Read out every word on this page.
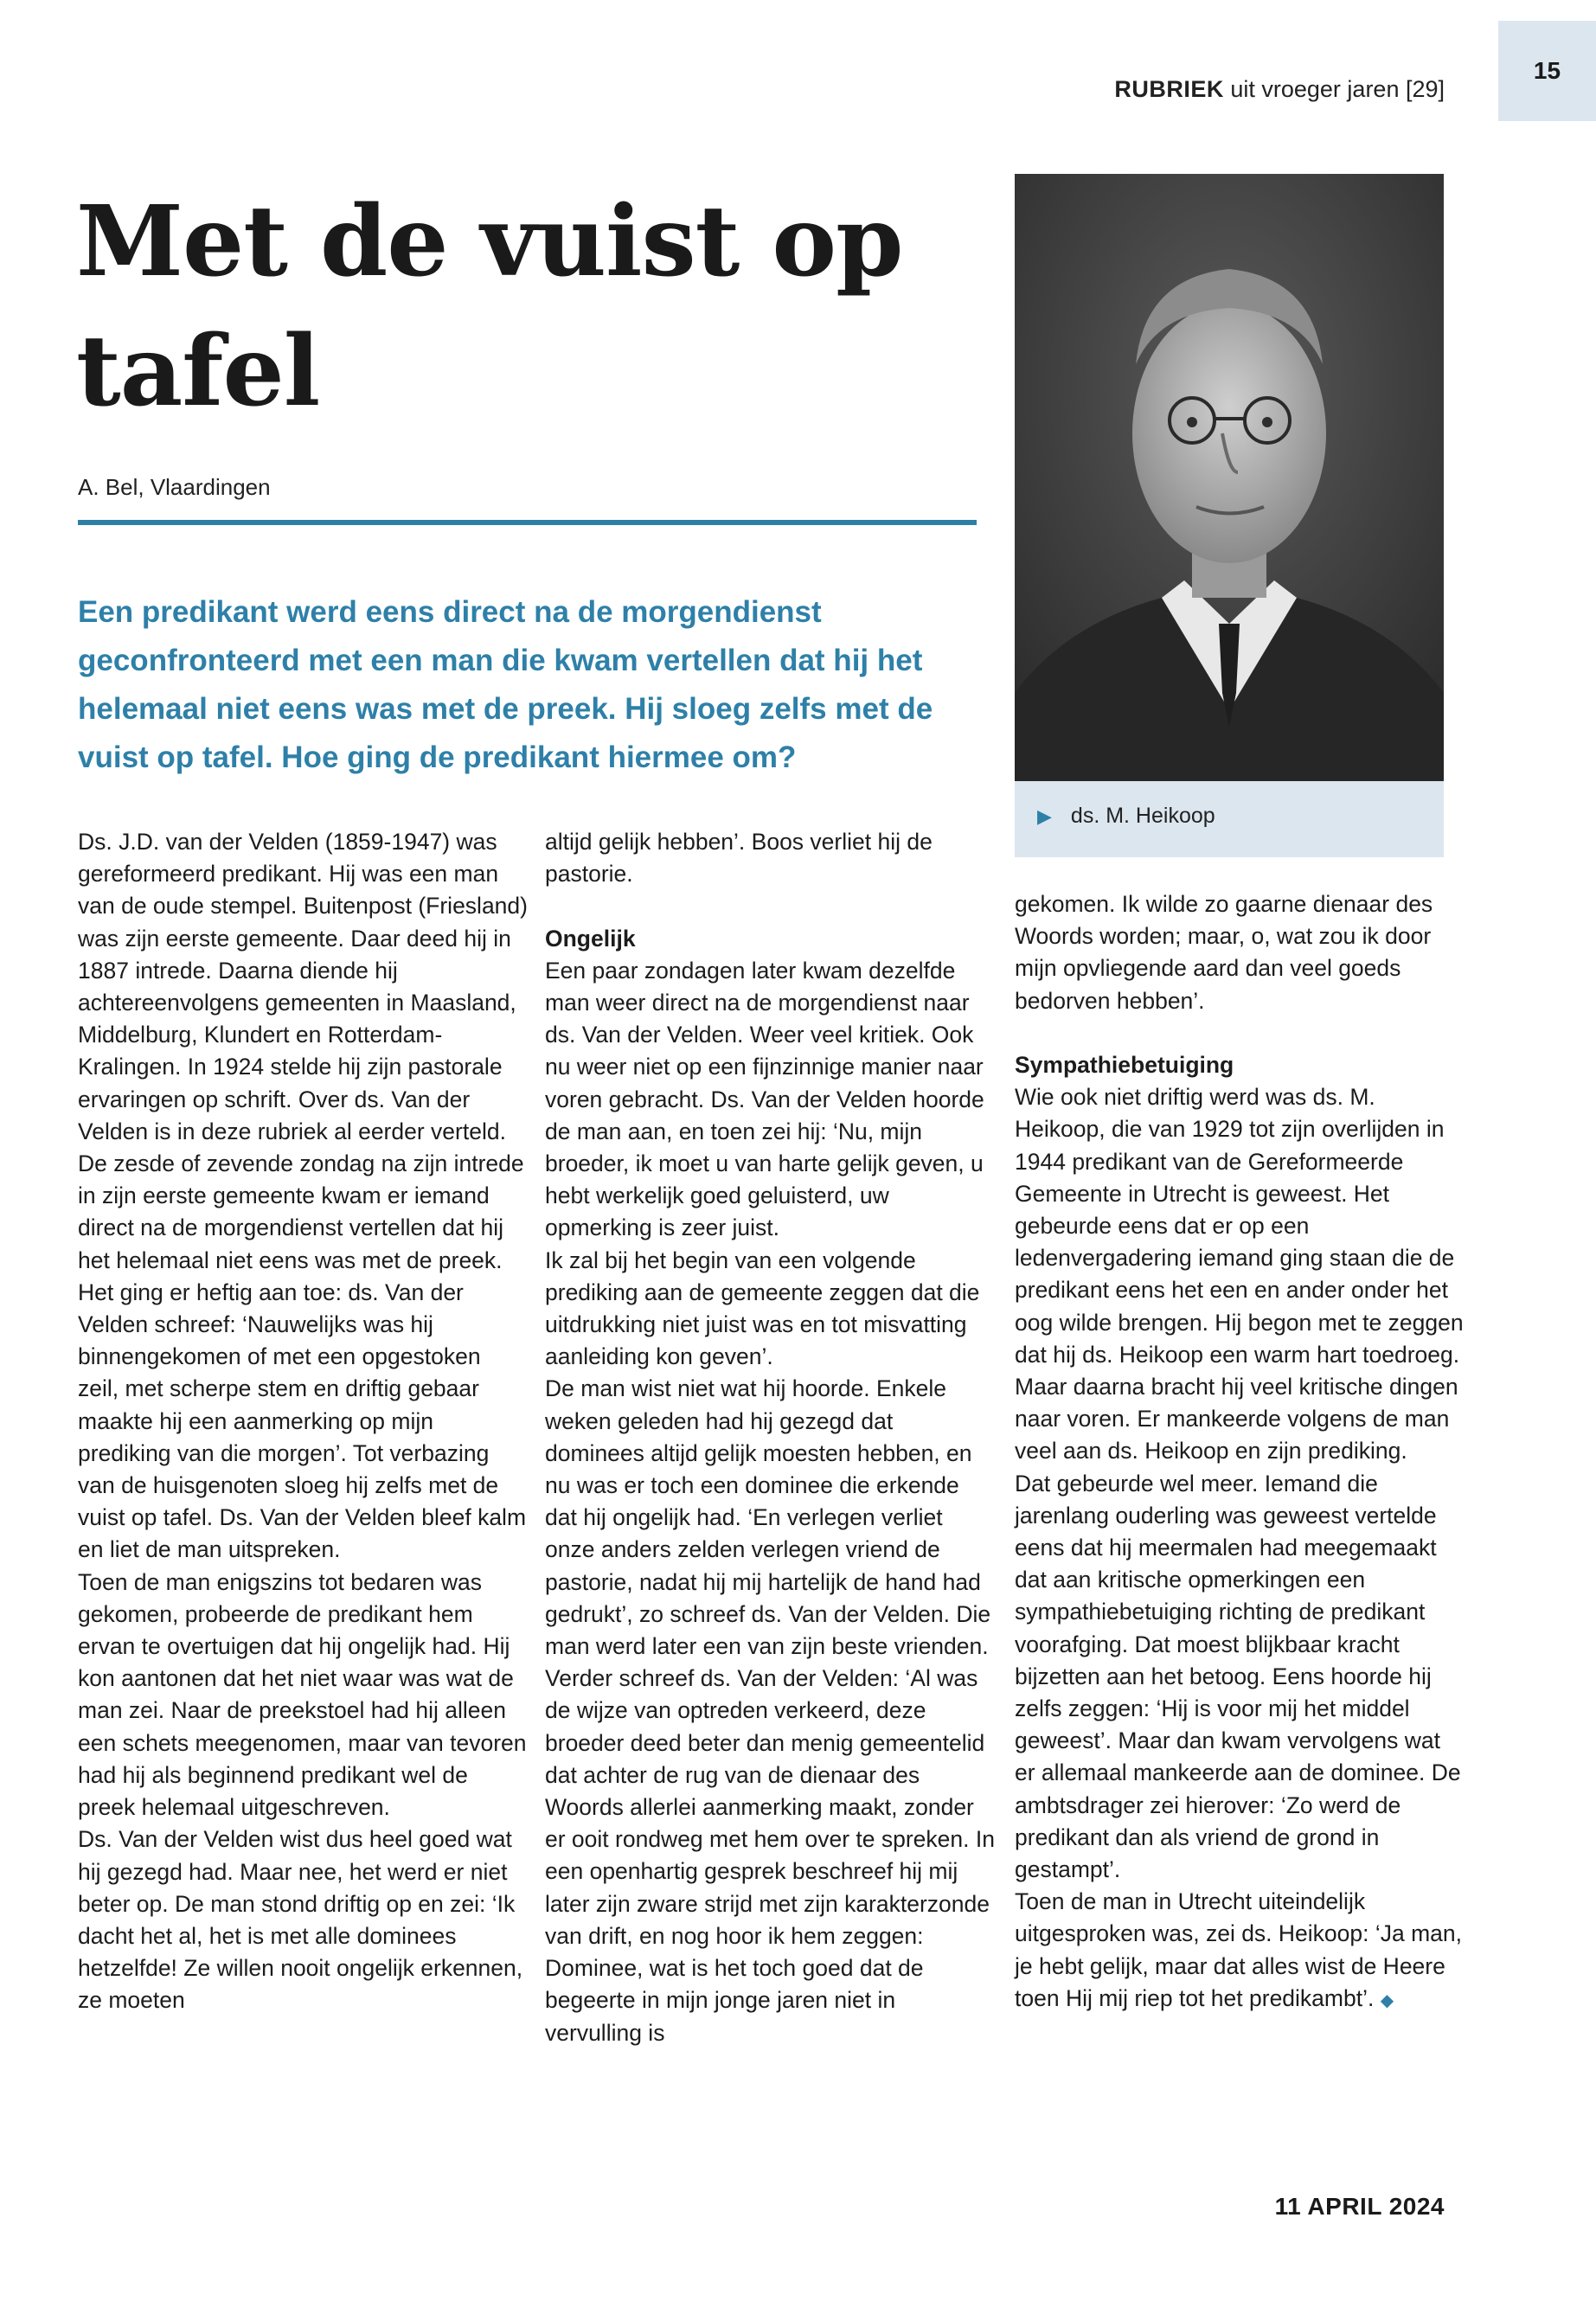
15
RUBRIEK uit vroeger jaren [29]
Met de vuist op tafel
A. Bel, Vlaardingen

Een predikant werd eens direct na de morgendienst geconfronteerd met een man die kwam vertellen dat hij het helemaal niet eens was met de preek. Hij sloeg zelfs met de vuist op tafel. Hoe ging de predikant hiermee om?

▶ ds. M. Heikoop

Ds. J.D. van der Velden (1859-1947) was gereformeerd predikant. Hij was een man van de oude stempel. Buitenpost (Friesland) was zijn eerste gemeente. Daar deed hij in 1887 intrede. Daarna diende hij achtereenvolgens gemeenten in Maasland, Middelburg, Klundert en Rotterdam-Kralingen. In 1924 stelde hij zijn pastorale ervaringen op schrift. Over ds. Van der Velden is in deze rubriek al eerder verteld.

De zesde of zevende zondag na zijn intrede in zijn eerste gemeente kwam er iemand direct na de morgendienst vertellen dat hij het helemaal niet eens was met de preek. Het ging er heftig aan toe: ds. Van der Velden schreef: ‘Nauwelijks was hij binnengekomen of met een opgestoken zeil, met scherpe stem en driftig gebaar maakte hij een aanmerking op mijn prediking van die morgen’. Tot verbazing van de huisgenoten sloeg hij zelfs met de vuist op tafel. Ds. Van der Velden bleef kalm en liet de man uitspreken.

Toen de man enigszins tot bedaren was gekomen, probeerde de predikant hem ervan te overtuigen dat hij ongelijk had. Hij kon aantonen dat het niet waar was wat de man zei. Naar de preekstoel had hij alleen een schets meegenomen, maar van tevoren had hij als beginnend predikant wel de preek helemaal uitgeschreven.

Ds. Van der Velden wist dus heel goed wat hij gezegd had. Maar nee, het werd er niet beter op. De man stond driftig op en zei: ‘Ik dacht het al, het is met alle dominees hetzelfde! Ze willen nooit ongelijk erkennen, ze moeten

altijd gelijk hebben’. Boos verliet hij de pastorie.

Ongelijk

Een paar zondagen later kwam dezelfde man weer direct na de morgendienst naar ds. Van der Velden. Weer veel kritiek. Ook nu weer niet op een fijnzinnige manier naar voren gebracht. Ds. Van der Velden hoorde de man aan, en toen zei hij: ‘Nu, mijn broeder, ik moet u van harte gelijk geven, u hebt werkelijk goed geluisterd, uw opmerking is zeer juist.

Ik zal bij het begin van een volgende prediking aan de gemeente zeggen dat die uitdrukking niet juist was en tot misvatting aanleiding kon geven’.

De man wist niet wat hij hoorde. Enkele weken geleden had hij gezegd dat dominees altijd gelijk moesten hebben, en nu was er toch een dominee die erkende dat hij ongelijk had. ‘En verlegen verliet onze anders zelden verlegen vriend de pastorie, nadat hij mij hartelijk de hand had gedrukt’, zo schreef ds. Van der Velden. Die man werd later een van zijn beste vrienden. Verder schreef ds. Van der Velden: ‘Al was de wijze van optreden verkeerd, deze broeder deed beter dan menig gemeentelid dat achter de rug van de dienaar des Woords allerlei aanmerking maakt, zonder er ooit rondweg met hem over te spreken. In een openhartig gesprek beschreef hij mij later zijn zware strijd met zijn karakterzonde van drift, en nog hoor ik hem zeggen: Dominee, wat is het toch goed dat de begeerte in mijn jonge jaren niet in vervulling is

gekomen. Ik wilde zo gaarne dienaar des Woords worden; maar, o, wat zou ik door mijn opvliegende aard dan veel goeds bedorven hebben’.

Sympathiebetuiging

Wie ook niet driftig werd was ds. M. Heikoop, die van 1929 tot zijn overlijden in 1944 predikant van de Gereformeerde Gemeente in Utrecht is geweest. Het gebeurde eens dat er op een ledenvergadering iemand ging staan die de predikant eens het een en ander onder het oog wilde brengen. Hij begon met te zeggen dat hij ds. Heikoop een warm hart toedroeg. Maar daarna bracht hij veel kritische dingen naar voren. Er mankeerde volgens de man veel aan ds. Heikoop en zijn prediking.

Dat gebeurde wel meer. Iemand die jarenlang ouderling was geweest vertelde eens dat hij meermalen had meegemaakt dat aan kritische opmerkingen een sympathiebetuiging richting de predikant voorafging. Dat moest blijkbaar kracht bijzetten aan het betoog. Eens hoorde hij zelfs zeggen: ‘Hij is voor mij het middel geweest’. Maar dan kwam vervolgens wat er allemaal mankeerde aan de dominee. De ambtsdrager zei hierover: ‘Zo werd de predikant dan als vriend de grond in gestampt’.

Toen de man in Utrecht uiteindelijk uitgesproken was, zei ds. Heikoop: ‘Ja man, je hebt gelijk, maar dat alles wist de Heere toen Hij mij riep tot het predikambt’. ◆

11 APRIL 2024
